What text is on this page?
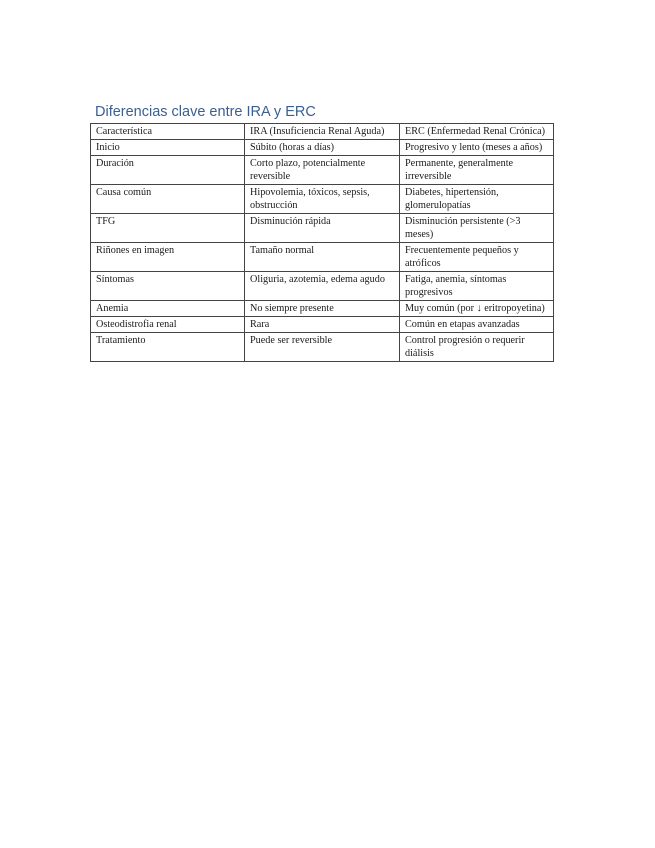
Diferencias clave entre IRA y ERC
Característica	IRA (Insuficiencia Renal Aguda)	ERC (Enfermedad Renal Crónica)
Inicio	Súbito (horas a días)	Progresivo y lento (meses a años)
Duración	Corto plazo, potencialmente reversible	Permanente, generalmente irreversible
Causa común	Hipovolemia, tóxicos, sepsis, obstrucción	Diabetes, hipertensión, glomerulopatías
TFG	Disminución rápida	Disminución persistente (>3 meses)
Riñones en imagen	Tamaño normal	Frecuentemente pequeños y atróficos
Síntomas	Oliguria, azotemia, edema agudo	Fatiga, anemia, síntomas progresivos
Anemia	No siempre presente	Muy común (por ↓ eritropoyetina)
Osteodistrofia renal	Rara	Común en etapas avanzadas
Tratamiento	Puede ser reversible	Control progresión o requerir diálisis
